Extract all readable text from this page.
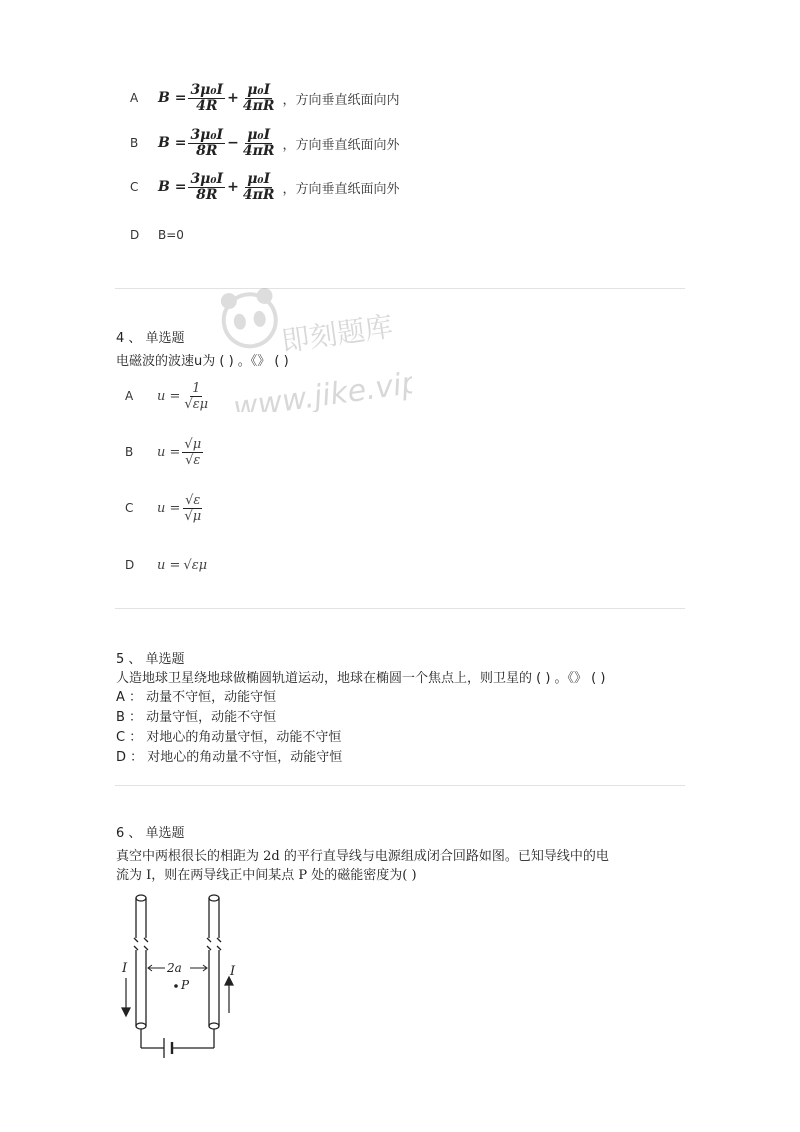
A	$B = \frac{\text{3μ₀I}}{4R} + \frac{\text{μ₀I}}{4\pi R}$ ，方向垂直纸面向内
B	$B = \frac{\text{3μ₀I}}{8R} - \frac{\text{μ₀I}}{4\pi R}$ ，方向垂直纸面向外
C	$B = \frac{\text{3μ₀I}}{8R} + \frac{\text{μ₀I}}{4\pi R}$ ，方向垂直纸面向外
D	B=0
4 、 单选题
电磁波的波速u为 ( ) 。《》 ( )
A	$u = \frac{1}{√\varepsilon\mu}$
B	$u = \frac{√\mu}{√\varepsilon}$
C	$u = \frac{√\varepsilon}{√\mu}$
D	u = √εμ
5 、 单选题
人造地球卫星绕地球做椭圆轨道运动，地球在椭圆一个焦点上，则卫星的 ( ) 。《》 ( )
A ： 动量不守恒，动能守恒
B ： 动量守恒，动能不守恒
C ： 对地心的角动量守恒，动能不守恒
D ： 对地心的角动量不守恒，动能守恒
6 、 单选题
真空中两根很长的相距为 2d 的平行直导线与电源组成闭合回路如图。已知导线中的电
流为 I，则在两导线正中间某点 P 处的磁能密度为( )
I	I
2a
P
即刻题库
www.jike.vip
